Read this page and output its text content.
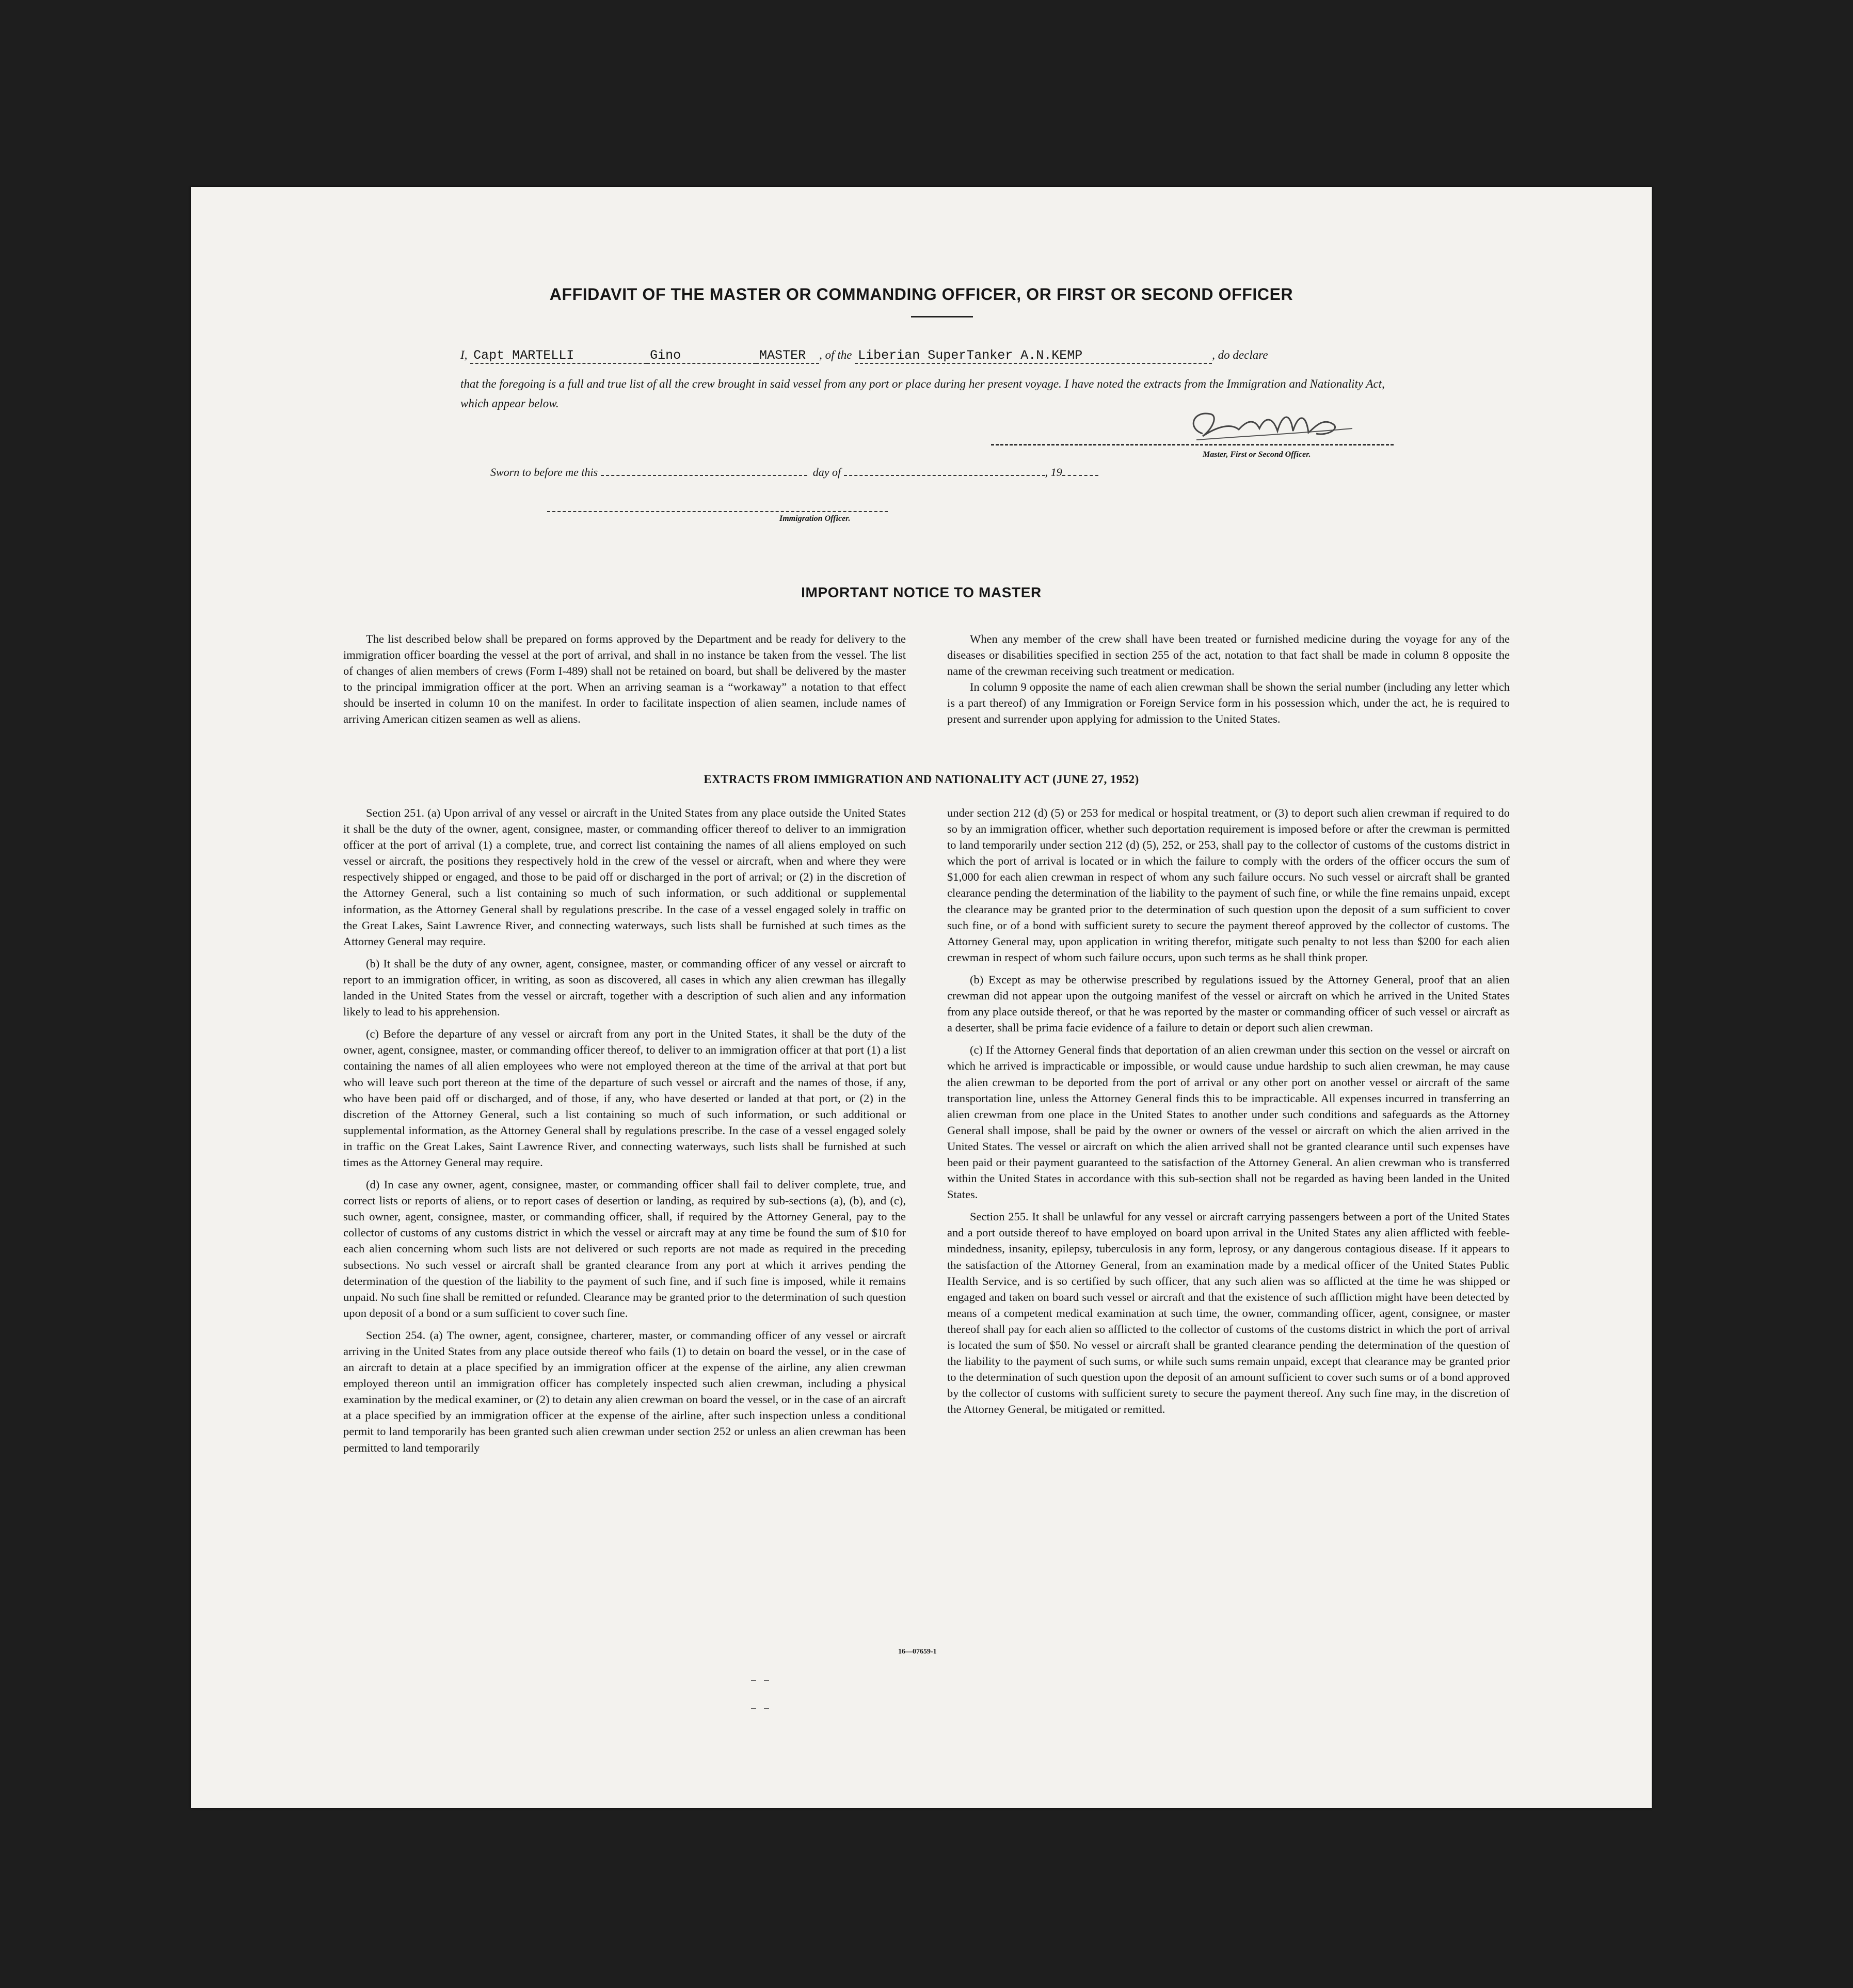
AFFIDAVIT OF THE MASTER OR COMMANDING OFFICER, OR FIRST OR SECOND OFFICER
I, Capt MARTELLI	Gino	MASTER , of the Liberian SuperTanker A.N.KEMP	, do declare

that the foregoing is a full and true list of all the crew brought in said vessel from any port or place during her present voyage. I have noted the extracts from the Immigration and Nationality Act, which appear below.

Master, First or Second Officer.
Sworn to before me this	day of	, 19
Immigration Officer.
IMPORTANT NOTICE TO MASTER

The list described below shall be prepared on forms approved by the Department and be ready for delivery to the immigration officer boarding the vessel at the port of arrival, and shall in no instance be taken from the vessel. The list of changes of alien members of crews (Form I-489) shall not be retained on board, but shall be delivered by the master to the principal immigration officer at the port. When an arriving seaman is a “workaway” a notation to that effect should be inserted in column 10 on the manifest. In order to facilitate inspection of alien seamen, include names of arriving American citizen seamen as well as aliens.

When any member of the crew shall have been treated or furnished medicine during the voyage for any of the diseases or disabilities specified in section 255 of the act, notation to that fact shall be made in column 8 opposite the name of the crewman receiving such treatment or medication.

In column 9 opposite the name of each alien crewman shall be shown the serial number (including any letter which is a part thereof) of any Immigration or Foreign Service form in his possession which, under the act, he is required to present and surrender upon applying for admission to the United States.

EXTRACTS FROM IMMIGRATION AND NATIONALITY ACT (JUNE 27, 1952)

Section 251. (a) Upon arrival of any vessel or aircraft in the United States from any place outside the United States it shall be the duty of the owner, agent, consignee, master, or commanding officer thereof to deliver to an immigration officer at the port of arrival (1) a complete, true, and correct list containing the names of all aliens employed on such vessel or aircraft, the positions they respectively hold in the crew of the vessel or aircraft, when and where they were respectively shipped or engaged, and those to be paid off or discharged in the port of arrival; or (2) in the discretion of the Attorney General, such a list containing so much of such information, or such additional or supplemental information, as the Attorney General shall by regulations prescribe. In the case of a vessel engaged solely in traffic on the Great Lakes, Saint Lawrence River, and connecting waterways, such lists shall be furnished at such times as the Attorney General may require.

(b) It shall be the duty of any owner, agent, consignee, master, or commanding officer of any vessel or aircraft to report to an immigration officer, in writing, as soon as discovered, all cases in which any alien crewman has illegally landed in the United States from the vessel or aircraft, together with a description of such alien and any information likely to lead to his apprehension.

(c) Before the departure of any vessel or aircraft from any port in the United States, it shall be the duty of the owner, agent, consignee, master, or commanding officer thereof, to deliver to an immigration officer at that port (1) a list containing the names of all alien employees who were not employed thereon at the time of the arrival at that port but who will leave such port thereon at the time of the departure of such vessel or aircraft and the names of those, if any, who have been paid off or discharged, and of those, if any, who have deserted or landed at that port, or (2) in the discretion of the Attorney General, such a list containing so much of such information, or such additional or supplemental information, as the Attorney General shall by regulations prescribe. In the case of a vessel engaged solely in traffic on the Great Lakes, Saint Lawrence River, and connecting waterways, such lists shall be furnished at such times as the Attorney General may require.

(d) In case any owner, agent, consignee, master, or commanding officer shall fail to deliver complete, true, and correct lists or reports of aliens, or to report cases of desertion or landing, as required by sub-sections (a), (b), and (c), such owner, agent, consignee, master, or commanding officer, shall, if required by the Attorney General, pay to the collector of customs of any customs district in which the vessel or aircraft may at any time be found the sum of $10 for each alien concerning whom such lists are not delivered or such reports are not made as required in the preceding subsections. No such vessel or aircraft shall be granted clearance from any port at which it arrives pending the determination of the question of the liability to the payment of such fine, and if such fine is imposed, while it remains unpaid. No such fine shall be remitted or refunded. Clearance may be granted prior to the determination of such question upon deposit of a bond or a sum sufficient to cover such fine.

Section 254. (a) The owner, agent, consignee, charterer, master, or commanding officer of any vessel or aircraft arriving in the United States from any place outside thereof who fails (1) to detain on board the vessel, or in the case of an aircraft to detain at a place specified by an immigration officer at the expense of the airline, any alien crewman employed thereon until an immigration officer has completely inspected such alien crewman, including a physical examination by the medical examiner, or (2) to detain any alien crewman on board the vessel, or in the case of an aircraft at a place specified by an immigration officer at the expense of the airline, after such inspection unless a conditional permit to land temporarily has been granted such alien crewman under section 252 or unless an alien crewman has been permitted to land temporarily

under section 212 (d) (5) or 253 for medical or hospital treatment, or (3) to deport such alien crewman if required to do so by an immigration officer, whether such deportation requirement is imposed before or after the crewman is permitted to land temporarily under section 212 (d) (5), 252, or 253, shall pay to the collector of customs of the customs district in which the port of arrival is located or in which the failure to comply with the orders of the officer occurs the sum of $1,000 for each alien crewman in respect of whom any such failure occurs. No such vessel or aircraft shall be granted clearance pending the determination of the liability to the payment of such fine, or while the fine remains unpaid, except the clearance may be granted prior to the determination of such question upon the deposit of a sum sufficient to cover such fine, or of a bond with sufficient surety to secure the payment thereof approved by the collector of customs. The Attorney General may, upon application in writing therefor, mitigate such penalty to not less than $200 for each alien crewman in respect of whom such failure occurs, upon such terms as he shall think proper.

(b) Except as may be otherwise prescribed by regulations issued by the Attorney General, proof that an alien crewman did not appear upon the outgoing manifest of the vessel or aircraft on which he arrived in the United States from any place outside thereof, or that he was reported by the master or commanding officer of such vessel or aircraft as a deserter, shall be prima facie evidence of a failure to detain or deport such alien crewman.

(c) If the Attorney General finds that deportation of an alien crewman under this section on the vessel or aircraft on which he arrived is impracticable or impossible, or would cause undue hardship to such alien crewman, he may cause the alien crewman to be deported from the port of arrival or any other port on another vessel or aircraft of the same transportation line, unless the Attorney General finds this to be impracticable. All expenses incurred in transferring an alien crewman from one place in the United States to another under such conditions and safeguards as the Attorney General shall impose, shall be paid by the owner or owners of the vessel or aircraft on which the alien arrived in the United States. The vessel or aircraft on which the alien arrived shall not be granted clearance until such expenses have been paid or their payment guaranteed to the satisfaction of the Attorney General. An alien crewman who is transferred within the United States in accordance with this sub-section shall not be regarded as having been landed in the United States.

Section 255. It shall be unlawful for any vessel or aircraft carrying passengers between a port of the United States and a port outside thereof to have employed on board upon arrival in the United States any alien afflicted with feeble-mindedness, insanity, epilepsy, tuberculosis in any form, leprosy, or any dangerous contagious disease. If it appears to the satisfaction of the Attorney General, from an examination made by a medical officer of the United States Public Health Service, and is so certified by such officer, that any such alien was so afflicted at the time he was shipped or engaged and taken on board such vessel or aircraft and that the existence of such affliction might have been detected by means of a competent medical examination at such time, the owner, commanding officer, agent, consignee, or master thereof shall pay for each alien so afflicted to the collector of customs of the customs district in which the port of arrival is located the sum of $50. No vessel or aircraft shall be granted clearance pending the determination of the question of the liability to the payment of such sums, or while such sums remain unpaid, except that clearance may be granted prior to the determination of such question upon the deposit of an amount sufficient to cover such sums or of a bond approved by the collector of customs with sufficient surety to secure the payment thereof. Any such fine may, in the discretion of the Attorney General, be mitigated or remitted.

16—07659-1
